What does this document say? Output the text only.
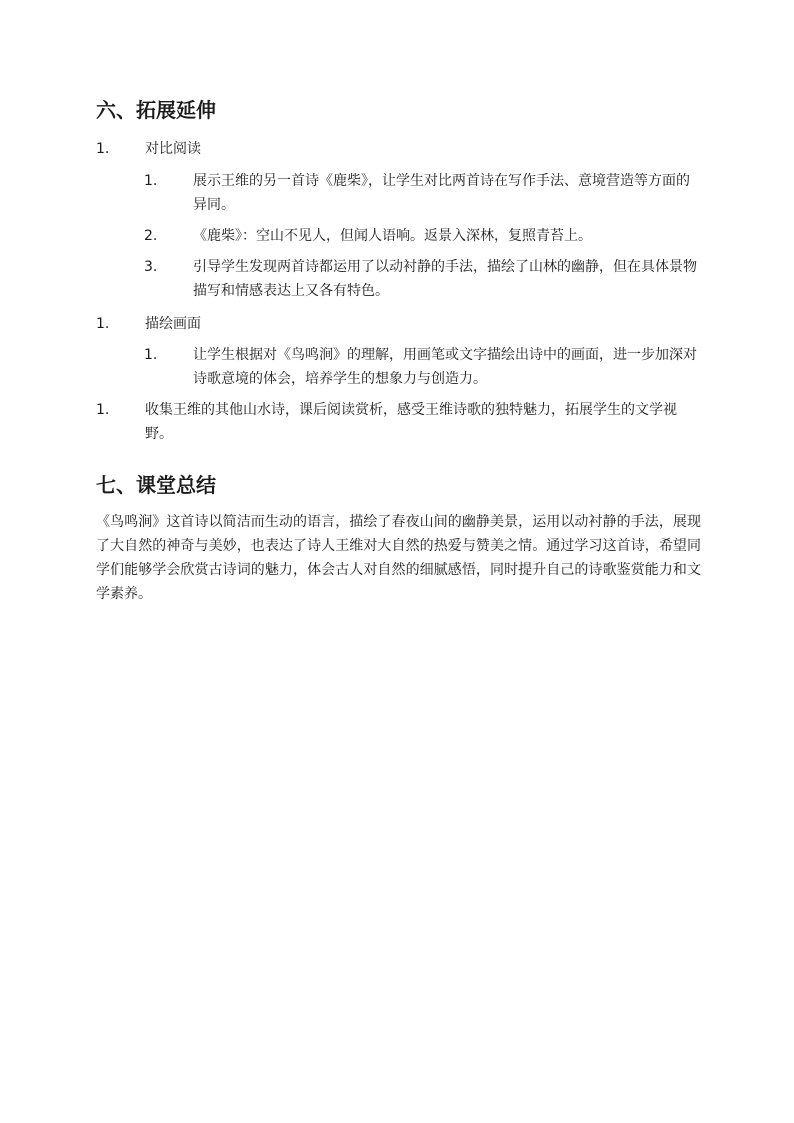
六、拓展延伸
1.	对比阅读
1.	展示王维的另一首诗《鹿柴》，让学生对比两首诗在写作手法、意境营造等方面的异同。
2.	《鹿柴》：空山不见人，但闻人语响。返景入深林，复照青苔上。
3.	引导学生发现两首诗都运用了以动衬静的手法，描绘了山林的幽静，但在具体景物描写和情感表达上又各有特色。
1.	描绘画面
1.	让学生根据对《鸟鸣涧》的理解，用画笔或文字描绘出诗中的画面，进一步加深对诗歌意境的体会，培养学生的想象力与创造力。
1.	收集王维的其他山水诗，课后阅读赏析，感受王维诗歌的独特魅力，拓展学生的文学视野。
七、课堂总结

《鸟鸣涧》这首诗以简洁而生动的语言，描绘了春夜山间的幽静美景，运用以动衬静的手法，展现了大自然的神奇与美妙，也表达了诗人王维对大自然的热爱与赞美之情。通过学习这首诗，希望同学们能够学会欣赏古诗词的魅力，体会古人对自然的细腻感悟，同时提升自己的诗歌鉴赏能力和文学素养。
